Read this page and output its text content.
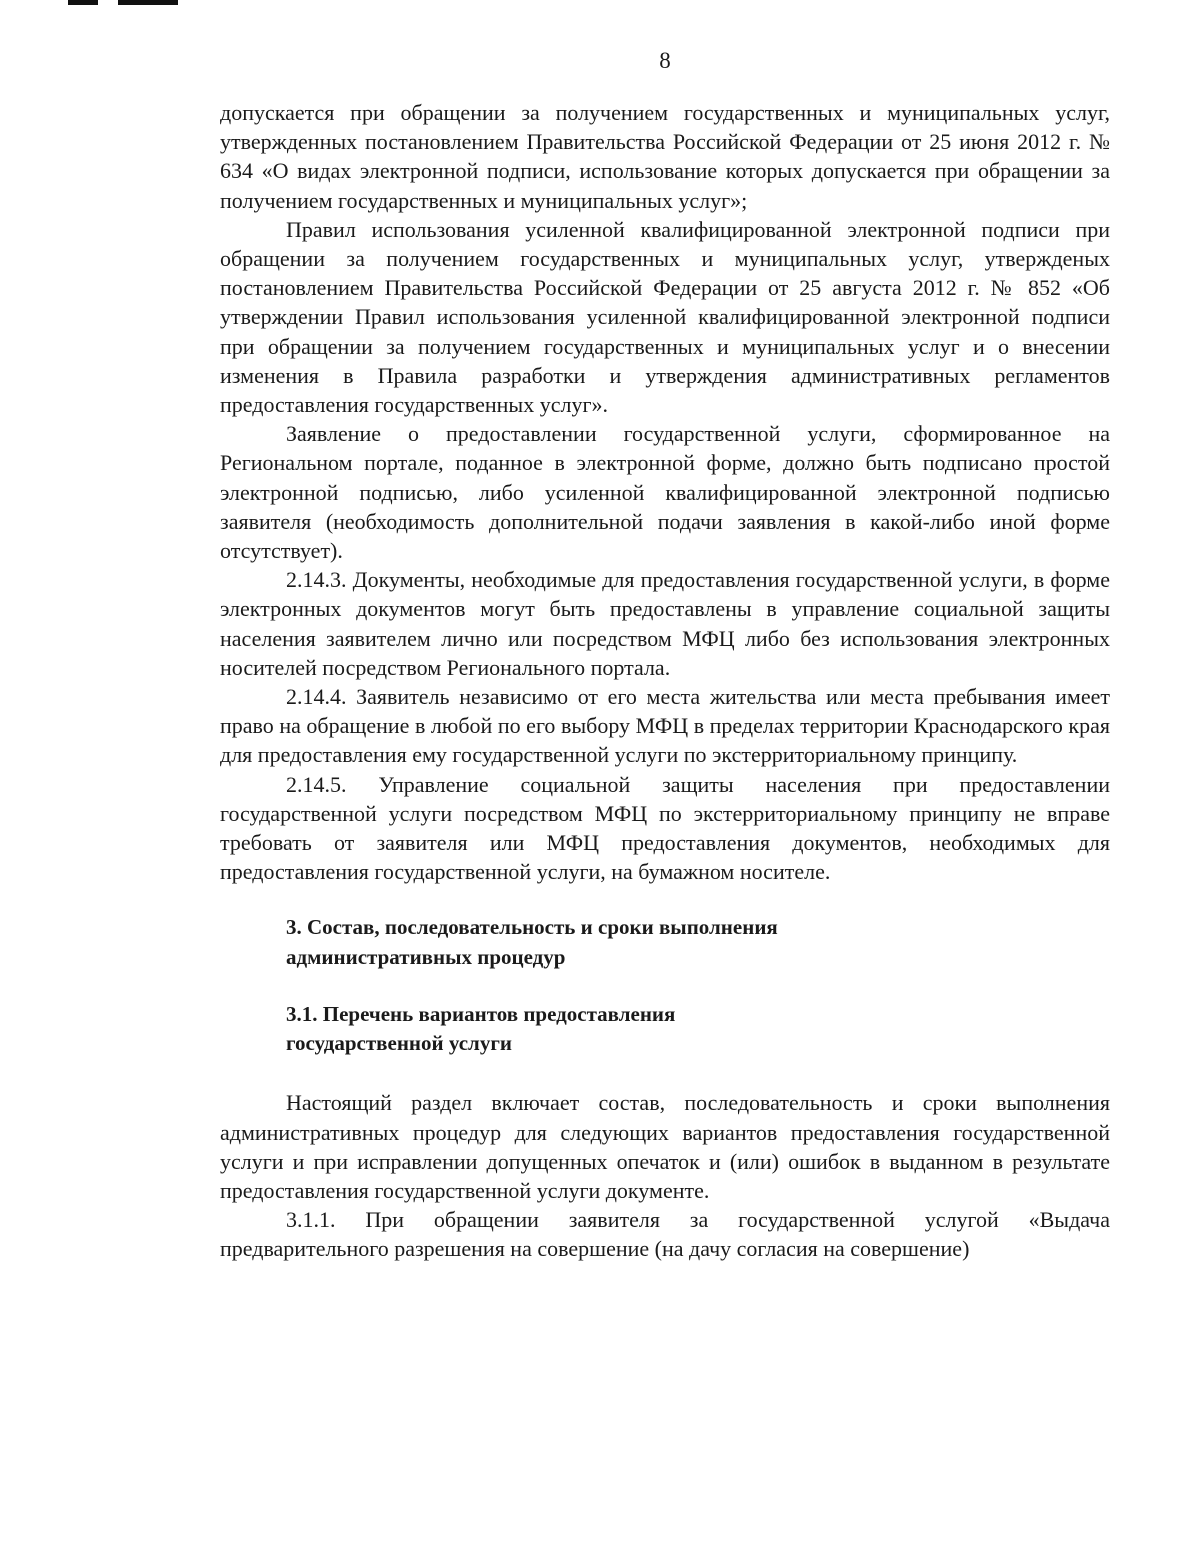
8

допускается при обращении за получением государственных и муниципальных услуг, утвержденных постановлением Правительства Российской Федерации от 25 июня 2012 г. № 634 «О видах электронной подписи, использование которых допускается при обращении за получением государственных и муниципальных услуг»;

Правил использования усиленной квалифицированной электронной подписи при обращении за получением государственных и муниципальных услуг, утвержденых постановлением Правительства Российской Федерации от 25 августа 2012 г. № 852 «Об утверждении Правил использования усиленной квалифицированной электронной подписи при обращении за получением государственных и муниципальных услуг и о внесении изменения в Правила разработки и утверждения административных регламентов предоставления государственных услуг».

Заявление о предоставлении государственной услуги, сформированное на Региональном портале, поданное в электронной форме, должно быть подписано простой электронной подписью, либо усиленной квалифицированной электронной подписью заявителя (необходимость дополнительной подачи заявления в какой-либо иной форме отсутствует).

2.14.3. Документы, необходимые для предоставления государственной услуги, в форме электронных документов могут быть предоставлены в управление социальной защиты населения заявителем лично или посредством МФЦ либо без использования электронных носителей посредством Регионального портала.

2.14.4. Заявитель независимо от его места жительства или места пребывания имеет право на обращение в любой по его выбору МФЦ в пределах территории Краснодарского края для предоставления ему государственной услуги по экстерриториальному принципу.

2.14.5. Управление социальной защиты населения при предоставлении государственной услуги посредством МФЦ по экстерриториальному принципу не вправе требовать от заявителя или МФЦ предоставления документов, необходимых для предоставления государственной услуги, на бумажном носителе.

3. Состав, последовательность и сроки выполнения

административных процедур

3.1. Перечень вариантов предоставления

государственной услуги

Настоящий раздел включает состав, последовательность и сроки выполнения административных процедур для следующих вариантов предоставления государственной услуги и при исправлении допущенных опечаток и (или) ошибок в выданном в результате предоставления государственной услуги документе.

3.1.1. При обращении заявителя за государственной услугой «Выдача предварительного разрешения на совершение (на дачу согласия на совершение)
